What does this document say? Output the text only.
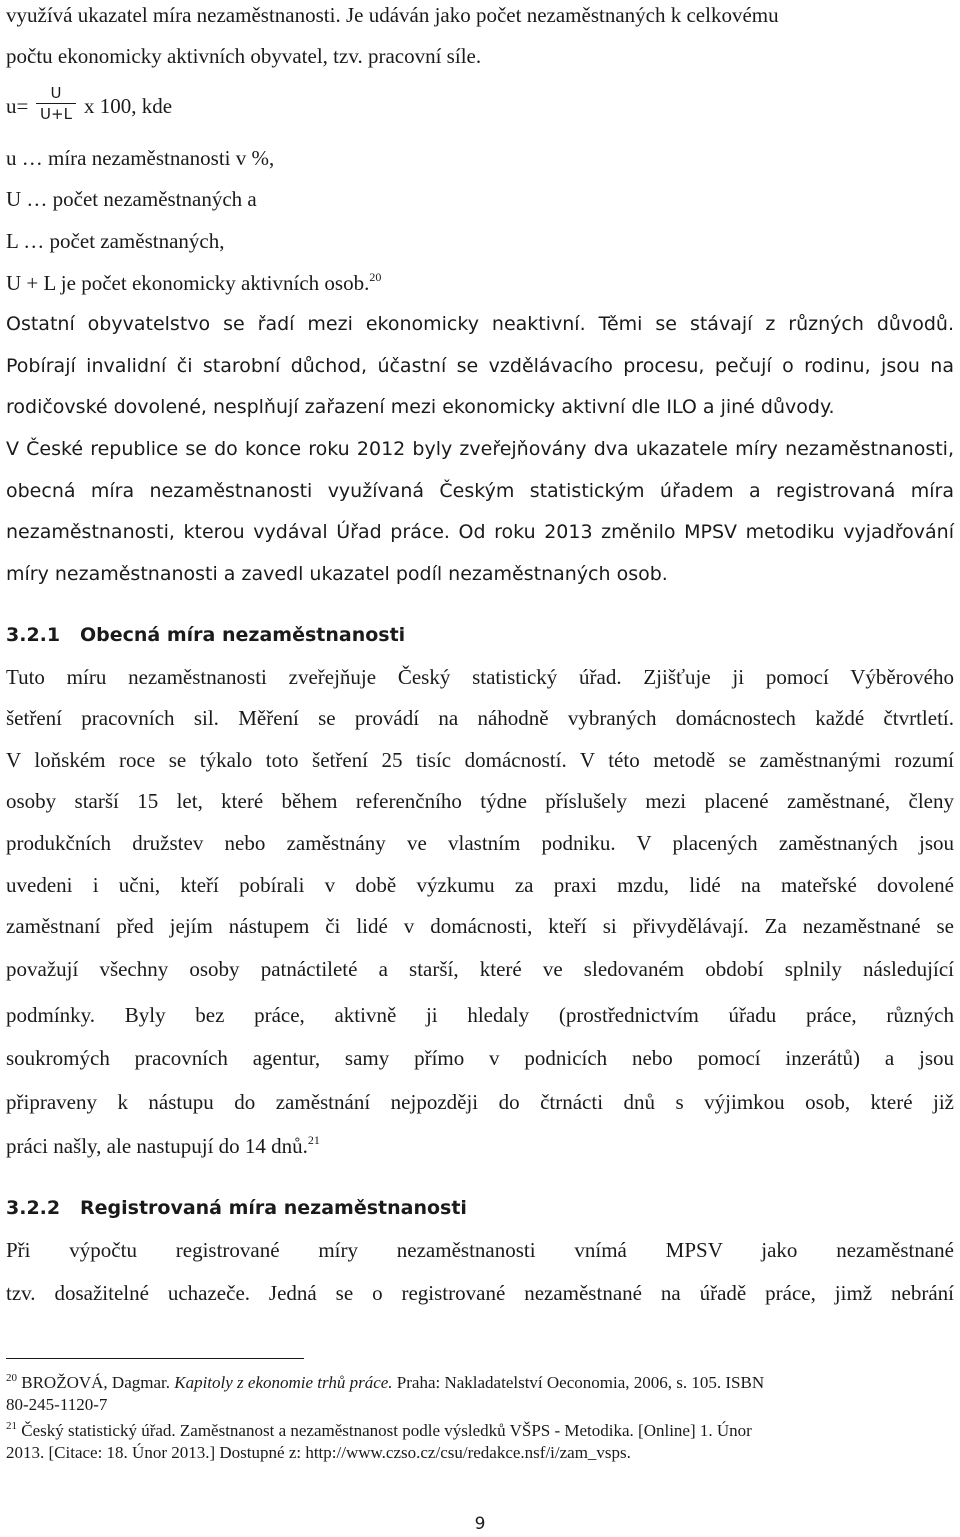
využívá ukazatel míra nezaměstnanosti. Je udáván jako počet nezaměstnaných k celkovému
počtu ekonomicky aktivních obyvatel, tzv. pracovní síle.
u=
U
U+L x 100, kde
u … míra nezaměstnanosti v %,
U … počet nezaměstnaných a
L … počet zaměstnaných,
U + L je počet ekonomicky aktivních osob.$^{20}$
Ostatní obyvatelstvo se řadí mezi ekonomicky neaktivní. Těmi se stávají z různých důvodů.
Pobírají invalidní či starobní důchod, účastní se vzdělávacího procesu, pečují o rodinu, jsou na
rodičovské dovolené, nesplňují zařazení mezi ekonomicky aktivní dle ILO a jiné důvody.
V České republice se do konce roku 2012 byly zveřejňovány dva ukazatele míry nezaměstnanosti,
obecná míra nezaměstnanosti využívaná Českým statistickým úřadem a registrovaná míra
nezaměstnanosti, kterou vydával Úřad práce. Od roku 2013 změnilo MPSV metodiku vyjadřování
míry nezaměstnanosti a zavedl ukazatel podíl nezaměstnaných osob.
3.2.1 Obecná míra nezaměstnanosti
Tuto míru nezaměstnanosti zveřejňuje Český statistický úřad. Zjišťuje ji pomocí Výběrového
šetření pracovních sil. Měření se provádí na náhodně vybraných domácnostech každé čtvrtletí.
V loňském roce se týkalo toto šetření 25 tisíc domácností. V této metodě se zaměstnanými rozumí
osoby starší 15 let, které během referenčního týdne příslušely mezi placené zaměstnané, členy
produkčních družstev nebo zaměstnány ve vlastním podniku. V placených zaměstnaných jsou
uvedeni i učni, kteří pobírali v době výzkumu za praxi mzdu, lidé na mateřské dovolené
zaměstnaní před jejím nástupem či lidé v domácnosti, kteří si přivydělávají. Za nezaměstnané se
považují všechny osoby patnáctileté a starší, které ve sledovaném období splnily následující
podmínky. Byly bez práce, aktivně ji hledaly (prostřednictvím úřadu práce, různých
soukromých pracovních agentur, samy přímo v podnicích nebo pomocí inzerátů) a jsou
připraveny k nástupu do zaměstnání nejpozději do čtrnácti dnů s výjimkou osob, které již
práci našly, ale nastupují do 14 dnů.$^{21}$
3.2.2 Registrovaná míra nezaměstnanosti
Při výpočtu registrované míry nezaměstnanosti vnímá MPSV jako nezaměstnané
tzv. dosažitelné uchazeče. Jedná se o registrované nezaměstnané na úřadě práce, jimž nebrání
$^{20}$ BROŽOVÁ, Dagmar. Kapitoly z ekonomie trhů práce. Praha: Nakladatelství Oeconomia, 2006, s. 105. ISBN
80-245-1120-7
$^{21}$ Český statistický úřad. Zaměstnanost a nezaměstnanost podle výsledků VŠPS - Metodika. [Online] 1. Únor
2013. [Citace: 18. Únor 2013.] Dostupné z: http://www.czso.cz/csu/redakce.nsf/i/zam_vsps.
9
